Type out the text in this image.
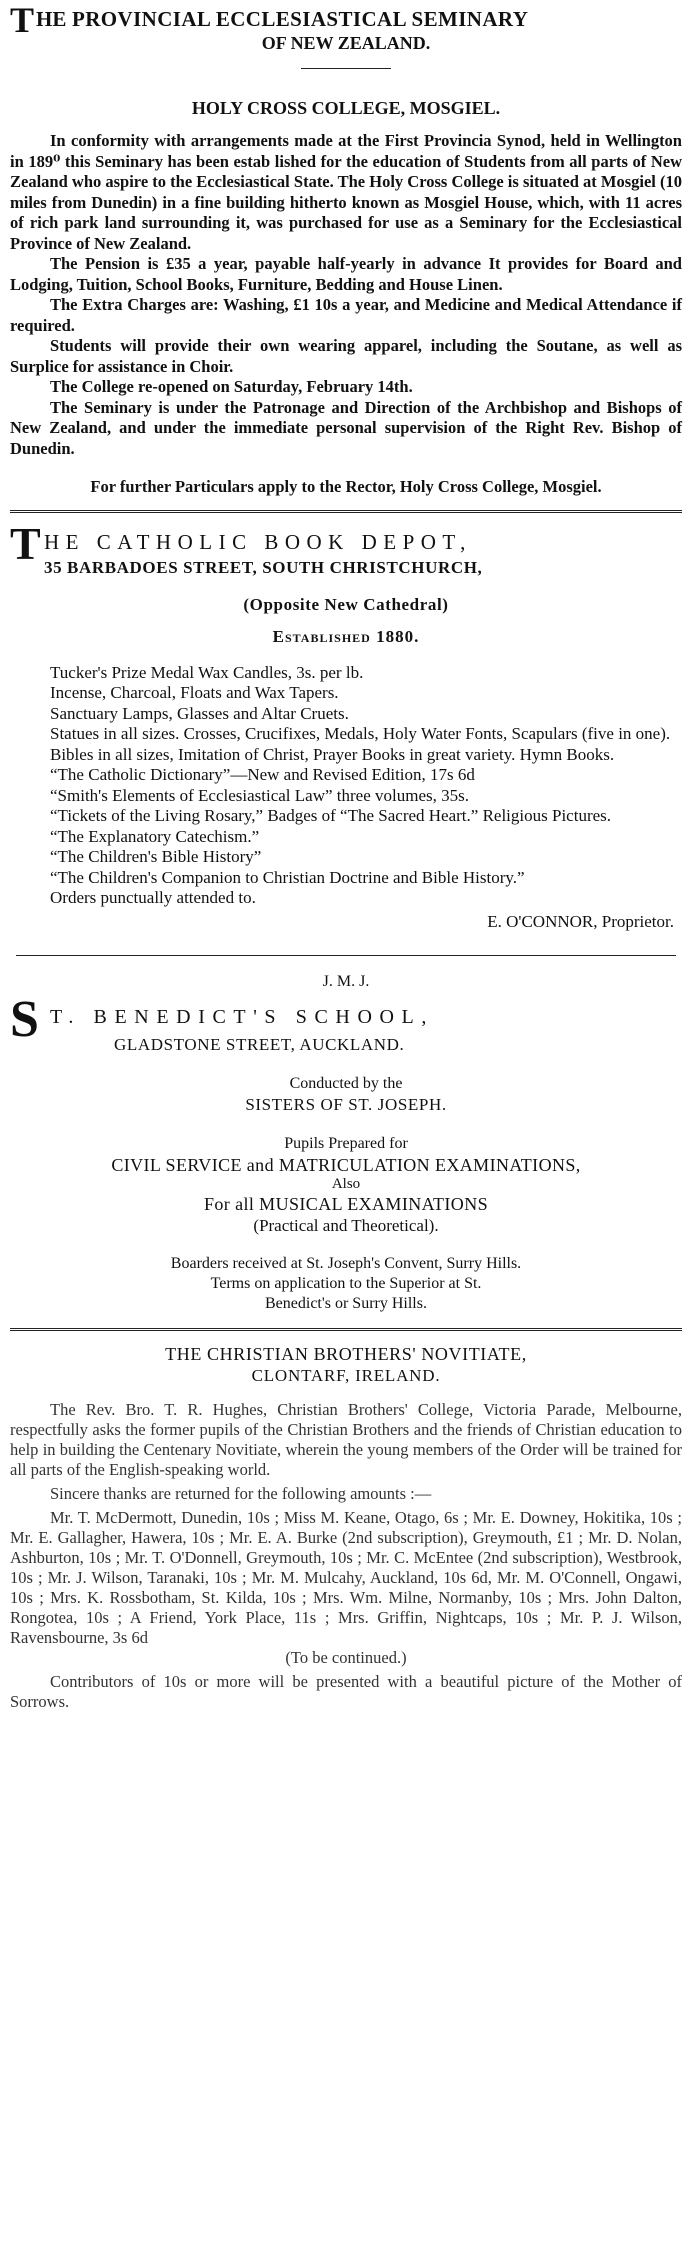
T HE PROVINCIAL ECCLESIASTICAL SEMINARY
OF NEW ZEALAND.
HOLY CROSS COLLEGE, MOSGIEL.

In conformity with arrangements made at the First Provincia Synod, held in Wellington in 189⁰ this Seminary has been estab lished for the education of Students from all parts of New Zealand who aspire to the Ecclesiastical State. The Holy Cross College is situated at Mosgiel (10 miles from Dunedin) in a fine building hitherto known as Mosgiel House, which, with 11 acres of rich park land surrounding it, was purchased for use as a Seminary for the Ecclesiastical Province of New Zealand.

The Pension is £35 a year, payable half-yearly in advance It provides for Board and Lodging, Tuition, School Books, Furniture, Bedding and House Linen.

The Extra Charges are: Washing, £1 10s a year, and Medicine and Medical Attendance if required.

Students will provide their own wearing apparel, including the Soutane, as well as Surplice for assistance in Choir.

The College re-opened on Saturday, February 14th.

The Seminary is under the Patronage and Direction of the Archbishop and Bishops of New Zealand, and under the immediate personal supervision of the Right Rev. Bishop of Dunedin.

For further Particulars apply to the Rector, Holy Cross College, Mosgiel.
T HE CATHOLIC BOOK DEPOT,
35 BARBADOES STREET, SOUTH CHRISTCHURCH,
(Opposite New Cathedral)
Established 1880.

Tucker's Prize Medal Wax Candles, 3s. per lb.

Incense, Charcoal, Floats and Wax Tapers.

Sanctuary Lamps, Glasses and Altar Cruets.

Statues in all sizes. Crosses, Crucifixes, Medals, Holy Water Fonts, Scapulars (five in one).

Bibles in all sizes, Imitation of Christ, Prayer Books in great variety. Hymn Books.

“The Catholic Dictionary”—New and Revised Edition, 17s 6d

“Smith's Elements of Ecclesiastical Law” three volumes, 35s.

“Tickets of the Living Rosary,” Badges of “The Sacred Heart.” Religious Pictures.

“The Explanatory Catechism.”

“The Children's Bible History”

“The Children's Companion to Christian Doctrine and Bible History.”

Orders punctually attended to.

E. O'CONNOR, Proprietor.
J. M. J.
S T. BENEDICT'S SCHOOL,
GLADSTONE STREET, AUCKLAND.
Conducted by the
SISTERS OF ST. JOSEPH.
Pupils Prepared for
CIVIL SERVICE and MATRICULATION EXAMINATIONS,
Also
For all MUSICAL EXAMINATIONS
(Practical and Theoretical).
Boarders received at St. Joseph's Convent, Surry Hills.
Terms on application to the Superior at St.
Benedict's or Surry Hills.
THE CHRISTIAN BROTHERS' NOVITIATE,
CLONTARF, IRELAND.

The Rev. Bro. T. R. Hughes, Christian Brothers' College, Victoria Parade, Melbourne, respectfully asks the former pupils of the Christian Brothers and the friends of Christian education to help in building the Centenary Novitiate, wherein the young members of the Order will be trained for all parts of the English-speaking world.

Sincere thanks are returned for the following amounts :—

Mr. T. McDermott, Dunedin, 10s ; Miss M. Keane, Otago, 6s ; Mr. E. Downey, Hokitika, 10s ; Mr. E. Gallagher, Hawera, 10s ; Mr. E. A. Burke (2nd subscription), Greymouth, £1 ; Mr. D. Nolan, Ashburton, 10s ; Mr. T. O'Donnell, Greymouth, 10s ; Mr. C. McEntee (2nd subscription), Westbrook, 10s ; Mr. J. Wilson, Taranaki, 10s ; Mr. M. Mulcahy, Auckland, 10s 6d, Mr. M. O'Connell, Ongawi, 10s ; Mrs. K. Rossbotham, St. Kilda, 10s ; Mrs. Wm. Milne, Normanby, 10s ; Mrs. John Dalton, Rongotea, 10s ; A Friend, York Place, 11s ; Mrs. Griffin, Nightcaps, 10s ; Mr. P. J. Wilson, Ravensbourne, 3s 6d

(To be continued.)

Contributors of 10s or more will be presented with a beautiful picture of the Mother of Sorrows.
